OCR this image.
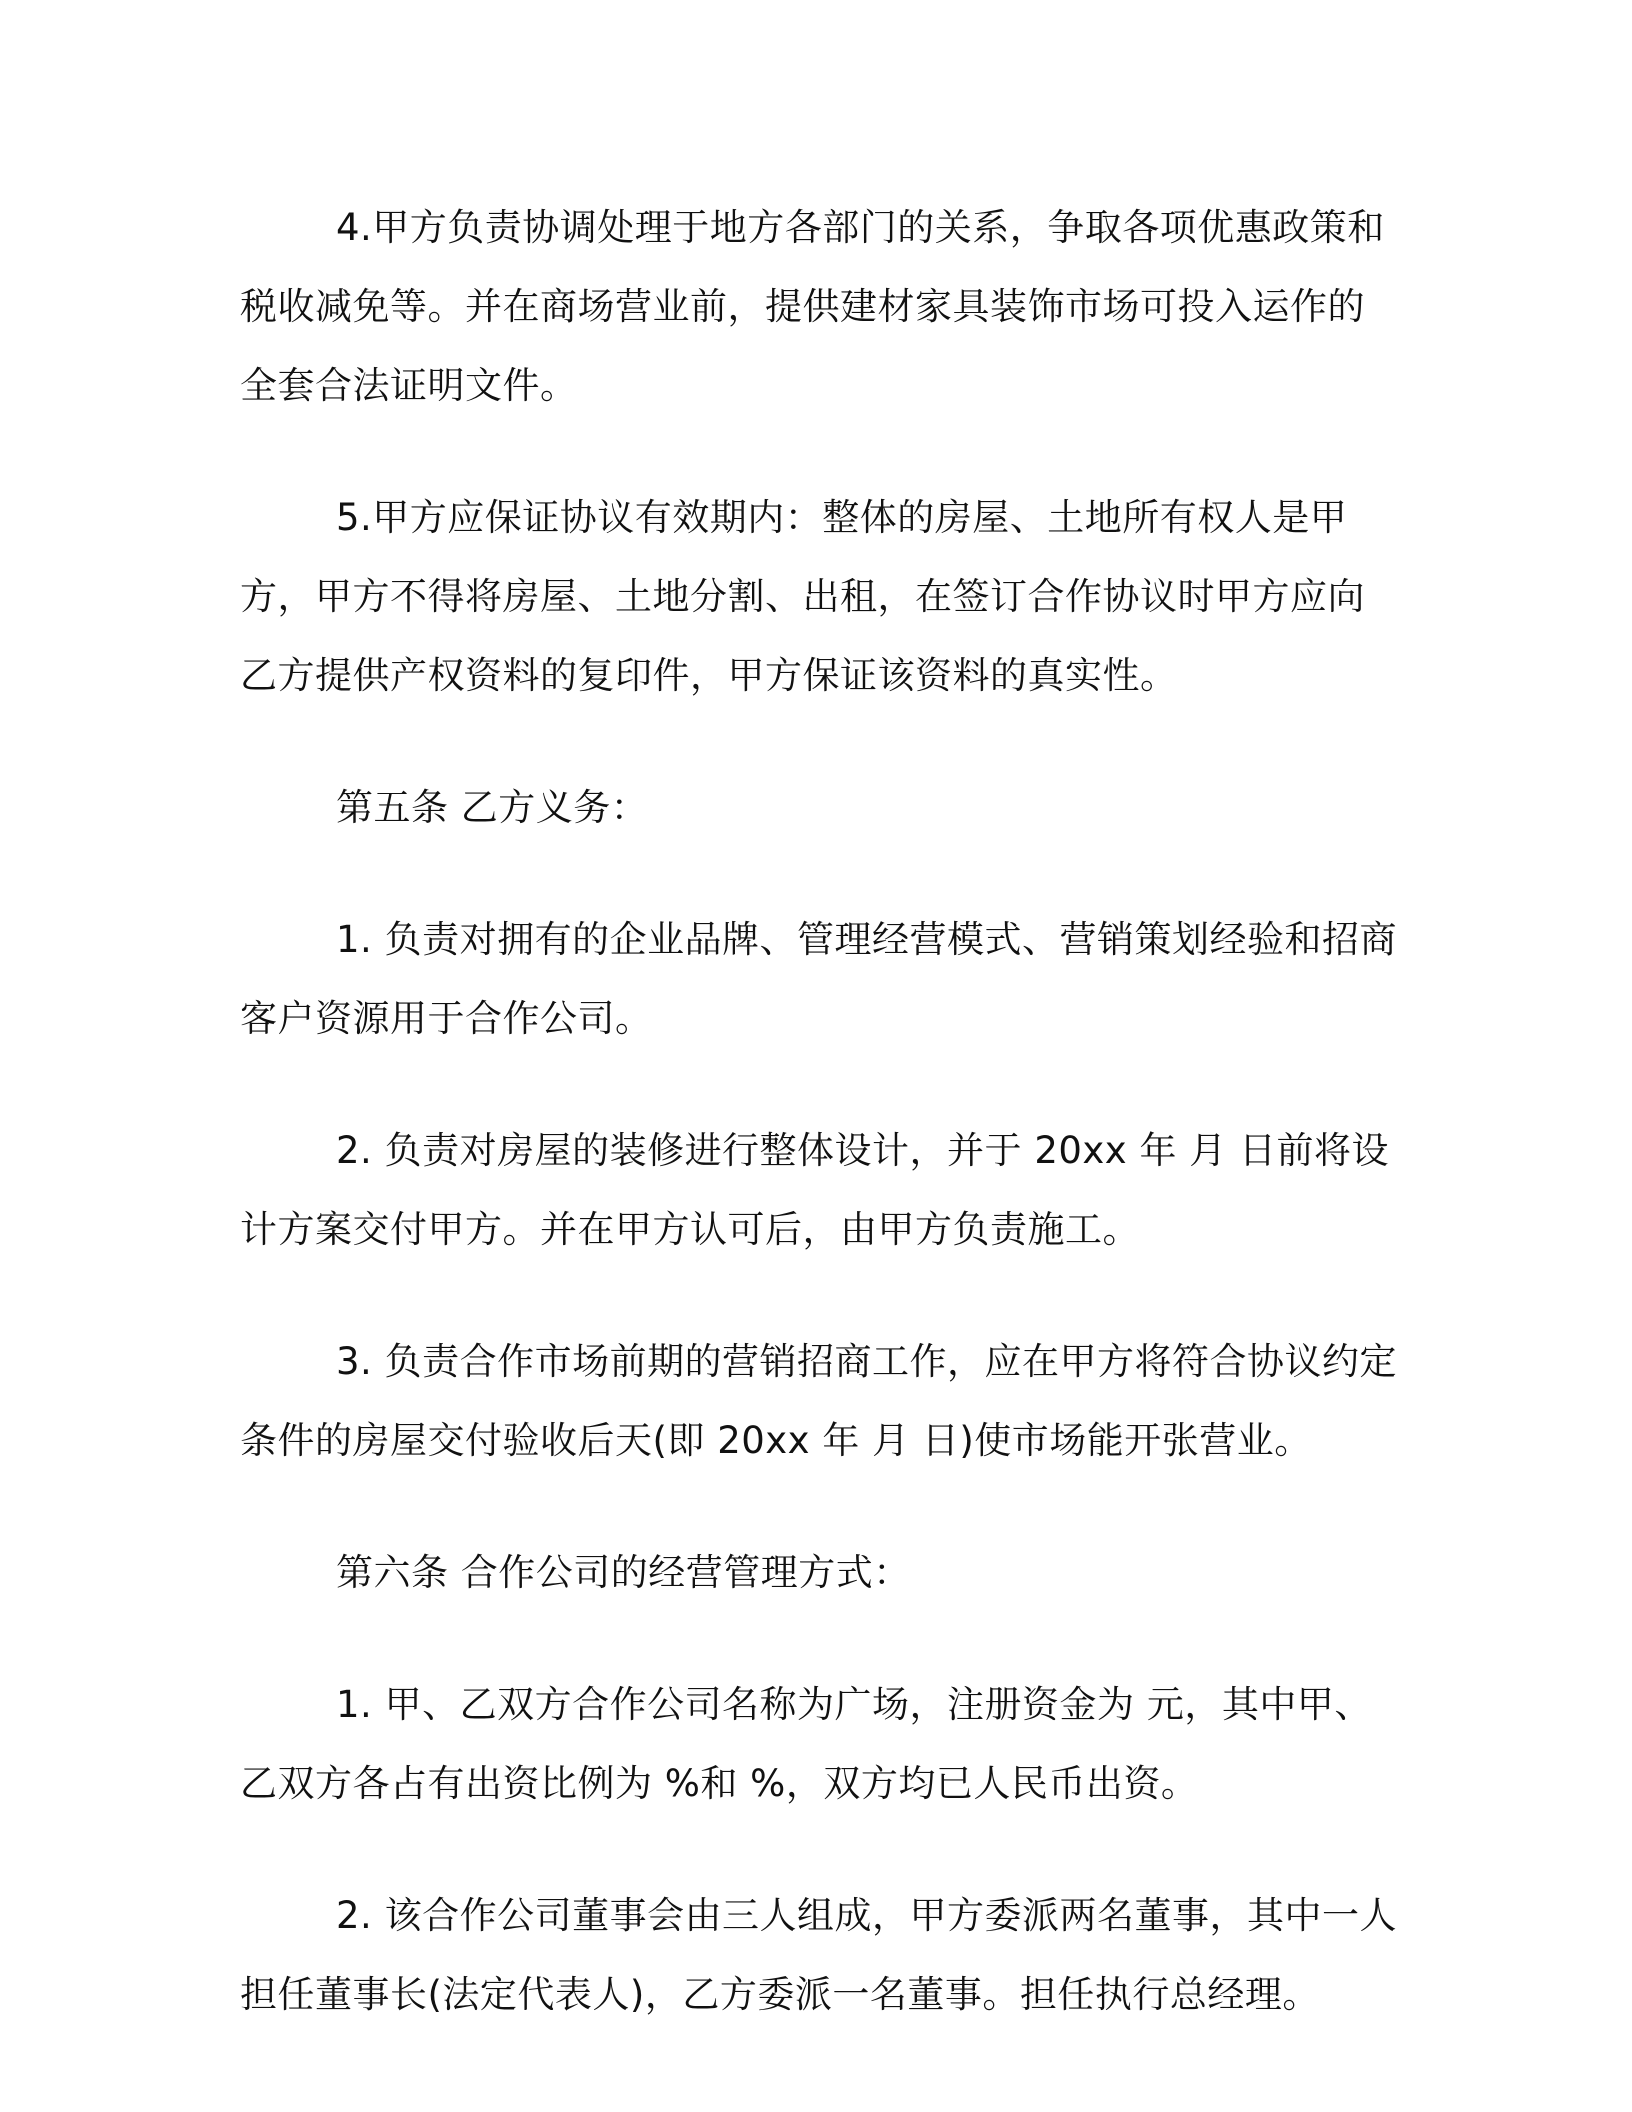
4.甲方负责协调处理于地方各部门的关系，争取各项优惠政策和税收减免等。并在商场营业前，提供建材家具装饰市场可投入运作的全套合法证明文件。

5.甲方应保证协议有效期内：整体的房屋、土地所有权人是甲方，甲方不得将房屋、土地分割、出租，在签订合作协议时甲方应向乙方提供产权资料的复印件，甲方保证该资料的真实性。

第五条 乙方义务：

1. 负责对拥有的企业品牌、管理经营模式、营销策划经验和招商客户资源用于合作公司。

2. 负责对房屋的装修进行整体设计，并于 20xx 年 月 日前将设计方案交付甲方。并在甲方认可后，由甲方负责施工。

3. 负责合作市场前期的营销招商工作，应在甲方将符合协议约定条件的房屋交付验收后天(即 20xx 年 月 日)使市场能开张营业。

第六条 合作公司的经营管理方式：

1. 甲、乙双方合作公司名称为广场，注册资金为 元，其中甲、乙双方各占有出资比例为 %和 %，双方均已人民币出资。

2. 该合作公司董事会由三人组成，甲方委派两名董事，其中一人担任董事长(法定代表人)，乙方委派一名董事。担任执行总经理。
